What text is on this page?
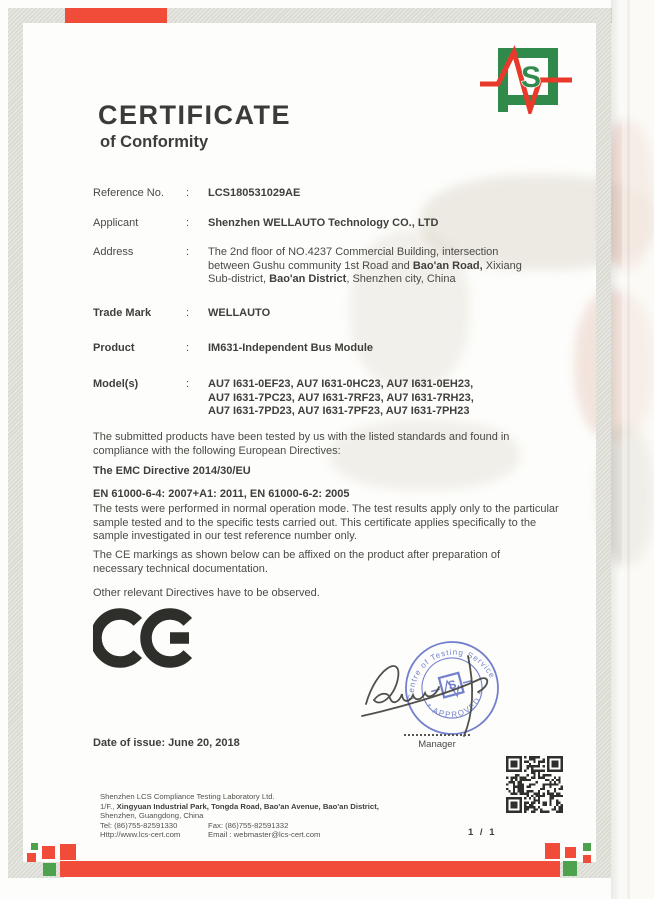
S
CERTIFICATE
of Conformity
Reference No.	: LCS180531029AE
Applicant	: Shenzhen WELLAUTO Technology CO., LTD
Address	: The 2nd floor of NO.4237 Commercial Building, intersection
between Gushu community 1st Road and Bao'an Road, Xixiang
Sub-district, Bao'an District, Shenzhen city, China
Trade Mark	: WELLAUTO
Product	: IM631-Independent Bus Module
Model(s)	: AU7 I631-0EF23, AU7 I631-0HC23, AU7 I631-0EH23,
AU7 I631-7PC23, AU7 I631-7RF23, AU7 I631-7RH23,
AU7 I631-7PD23, AU7 I631-7PF23, AU7 I631-7PH23
The submitted products have been tested by us with the listed standards and found in compliance with the following European Directives:
The EMC Directive 2014/30/EU
EN 61000-6-4: 2007+A1: 2011, EN 61000-6-2: 2005
The tests were performed in normal operation mode. The test results apply only to the particular sample tested and to the specific tests carried out. This certificate applies specifically to the sample investigated in our test reference number only.
The CE markings as shown below can be affixed on the product after preparation of necessary technical documentation.
Other relevant Directives have to be observed.
Centre of Testing Service
* APPROVED *
S
Manager
Date of issue: June 20, 2018
Shenzhen LCS Compliance Testing Laboratory Ltd.
1/F., Xingyuan Industrial Park, Tongda Road, Bao'an Avenue, Bao'an District,
Shenzhen, Guangdong, China
Tel: (86)755-82591330	Fax: (86)755-82591332
Http://www.lcs-cert.com	Email : webmaster@lcs-cert.com	1 / 1
